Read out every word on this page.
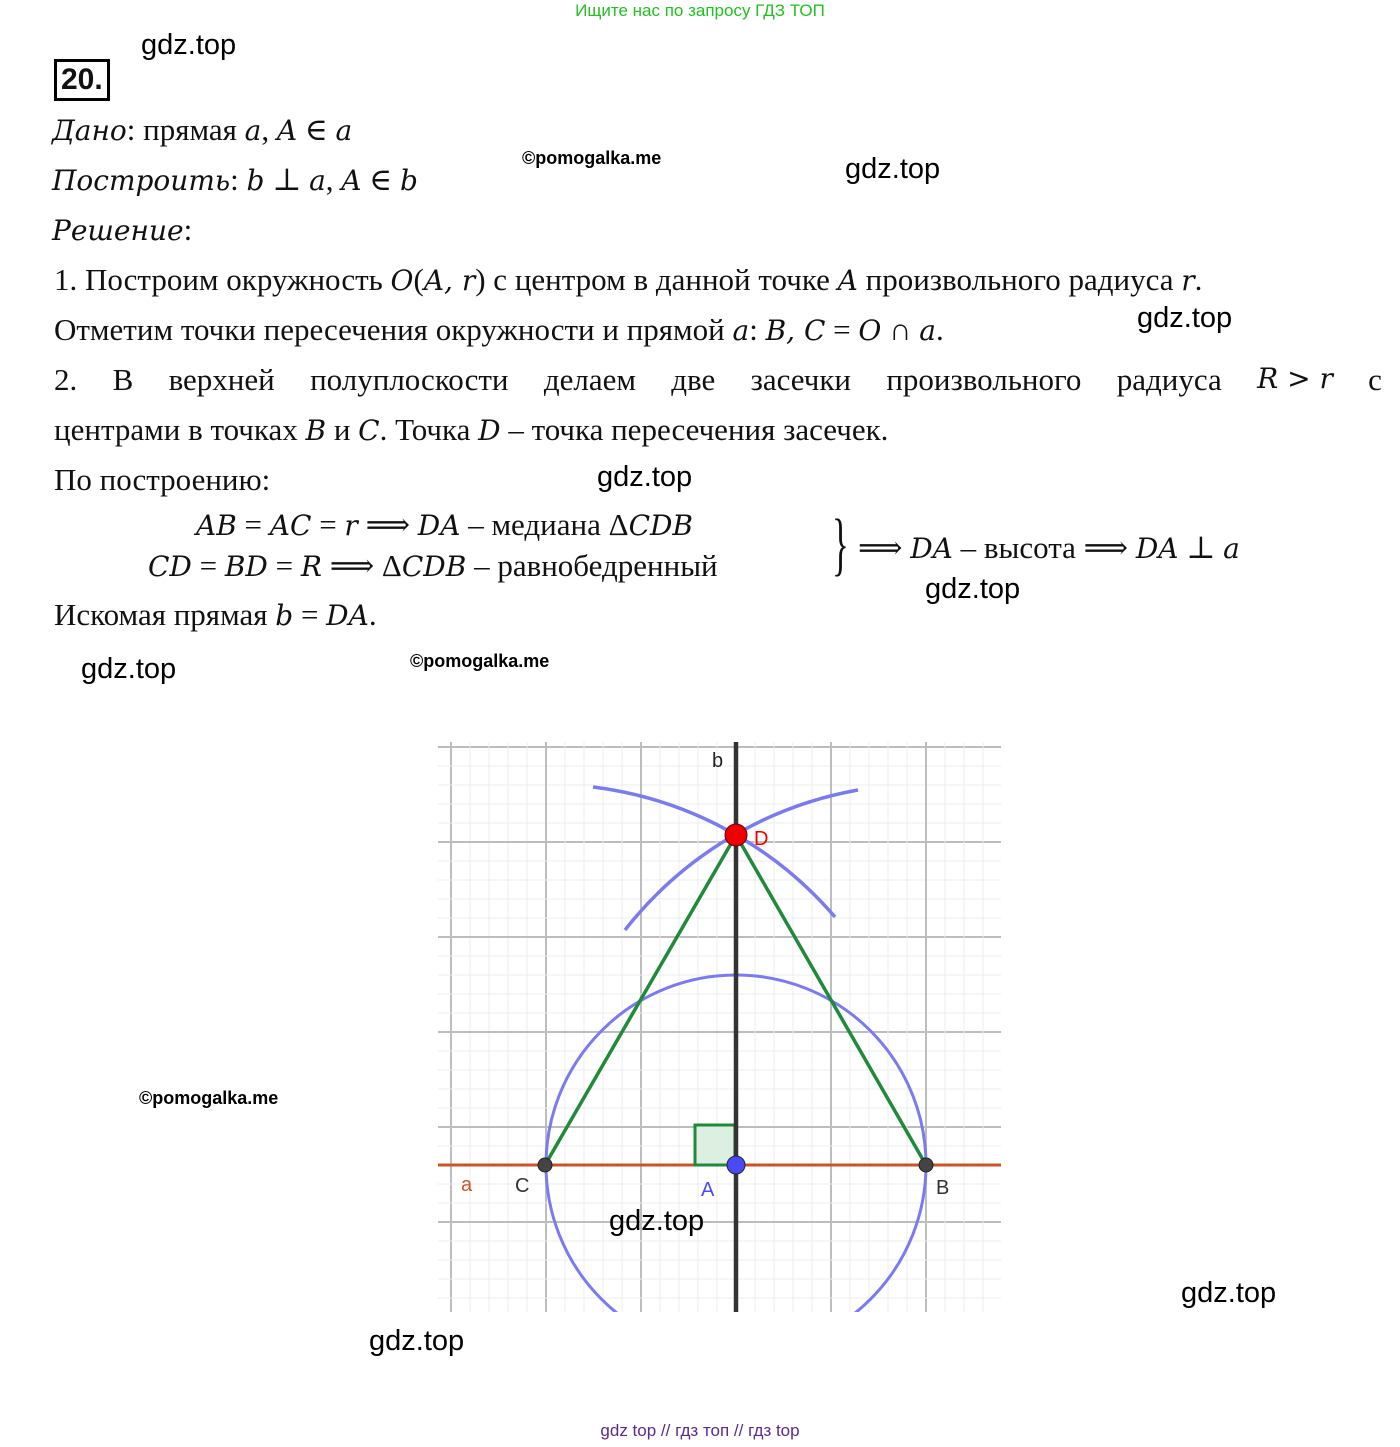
Ищите нас по запросу ГДЗ ТОП
20.
gdz.top
gdz.top
gdz.top
gdz.top
gdz.top
gdz.top
gdz.top
gdz.top
gdz.top
©pomogalka.me
©pomogalka.me
©pomogalka.me
Дано: прямая a, A ∈ a
Построить: b ⊥ a, A ∈ b
Решение:
1. Построим окружность O(A, r) с центром в данной точке A произвольного радиуса r.
Отметим точки пересечения окружности и прямой a: B, C = O ∩ a.
2. В верхней полуплоскости делаем две засечки произвольного радиуса R > r с
центрами в точках B и C. Точка D – точка пересечения засечек.
По построению:
AB = AC = r ⟹ DA – медиана ΔCDB
CD = BD = R ⟹ ΔCDB – равнобедренный } ⟹ DA – высота ⟹ DA ⊥ a
Искомая прямая b = DA.
b
D
a C	A	B
gdz top // гдз топ // гдз top
